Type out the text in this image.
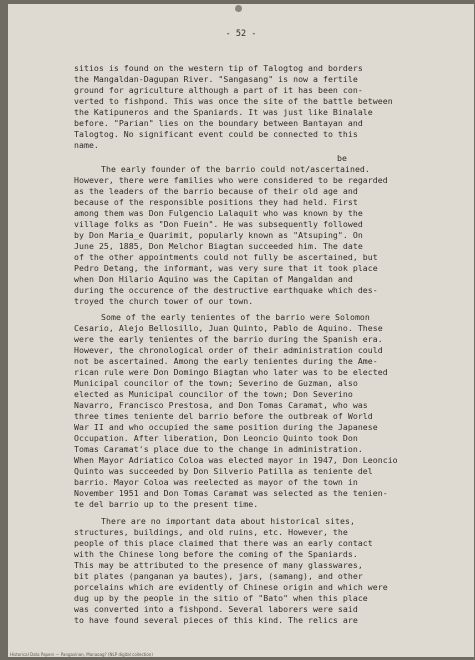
- 52 -
sitios is found on the western tip of Talogtog and borders
the Mangaldan-Dagupan River. "Sangasang" is now a fertile
ground for agriculture although a part of it has been con-
verted to fishpond. This was once the site of the battle between
the Katipuneros and the Spaniards. It was just like Binalale
before. "Parian" lies on the boundary between Bantayan and
Talogtog. No significant event could be connected to this
name.
be
The early founder of the barrio could not/ascertained.
However, there were families who were considered to be regarded
as the leaders of the barrio because of their old age and
because of the responsible positions they had held. First
among them was Don Fulgencio Lalaquit who was known by the
village folks as "Don Fuein". He was subsequently followed
by Don Maria_e Quarimit, popularly known as "Atsuping". On
June 25, 1885, Don Melchor Biagtan succeeded him. The date
of the other appointments could not fully be ascertained, but
Pedro Detang, the informant, was very sure that it took place
when Don Hilario Aquino was the Capitan of Mangaldan and
during the occurence of the destructive earthquake which des-
troyed the church tower of our town.
Some of the early tenientes of the barrio were Solomon
Cesario, Alejo Bellosillo, Juan Quinto, Pablo de Aquino. These
were the early tenientes of the barrio during the Spanish era.
However, the chronological order of their administration could
not be ascertained. Among the early tenientes during the Ame-
rican rule were Don Domingo Biagtan who later was to be elected
Municipal councilor of the town; Severino de Guzman, also
elected as Municipal councilor of the town; Don Severino
Navarro, Francisco Prestosa, and Don Tomas Caramat, who was
three times teniente del barrio before the outbreak of World
War II and who occupied the same position during the Japanese
Occupation. After liberation, Don Leoncio Quinto took Don
Tomas Caramat's place due to the change in administration.
When Mayor Adriatico Coloa was elected mayor in 1947, Don Leoncio
Quinto was succeeded by Don Silverio Patilla as teniente del
barrio. Mayor Coloa was reelected as mayor of the town in
November 1951 and Don Tomas Caramat was selected as the tenien-
te del barrio up to the present time.
There are no important data about historical sites,
structures, buildings, and old ruins, etc. However, the
people of this place claimed that there was an early contact
with the Chinese long before the coming of the Spaniards.
This may be attributed to the presence of many glasswares,
bit plates (panganan ya bautes), jars, (samang), and other
porcelains which are evidently of Chinese origin and which were
dug up by the people in the sitio of "Bato" when this place
was converted into a fishpond. Several laborers were said
to have found several pieces of this kind. The relics are
Historical Data Papers — Pangasinan, Manaoag? (NLP digital collection)
